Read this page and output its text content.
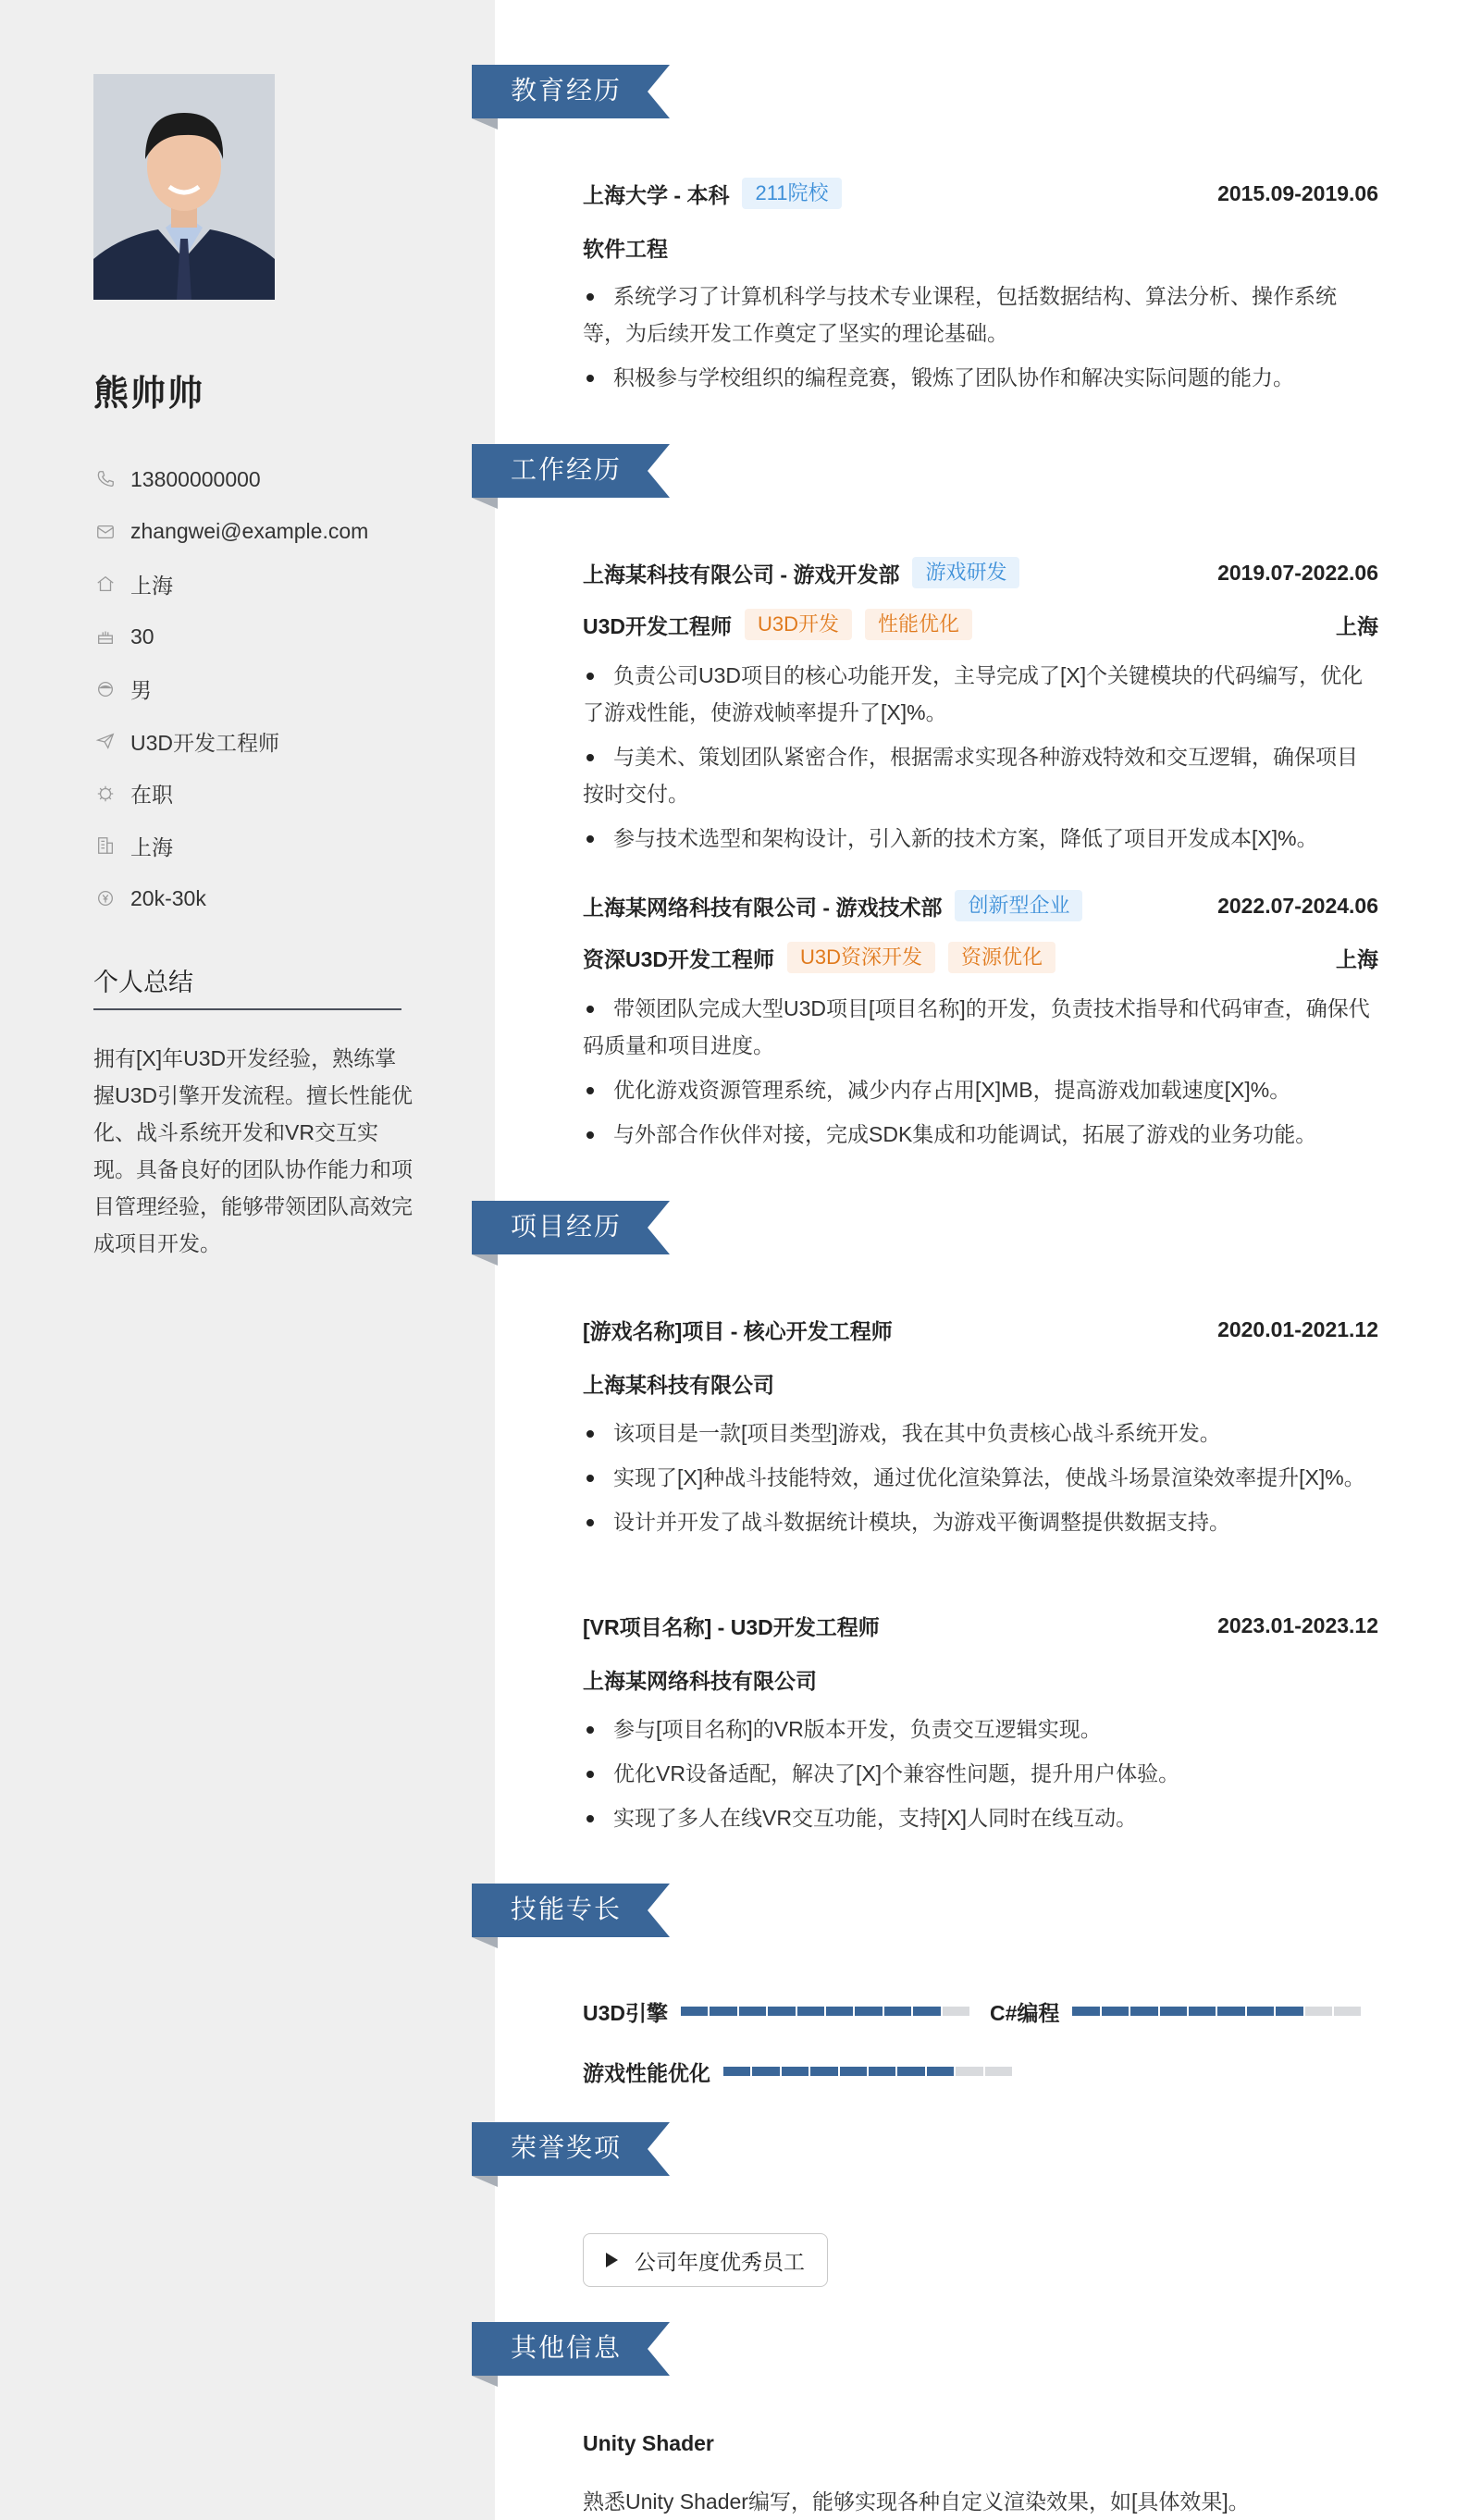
熊帅帅
13800000000
zhangwei@example.com
上海
30
男
U3D开发工程师
在职
上海
20k-30k
个人总结
拥有[X]年U3D开发经验，熟练掌握U3D引擎开发流程。擅长性能优化、战斗系统开发和VR交互实现。具备良好的团队协作能力和项目管理经验，能够带领团队高效完成项目开发。
教育经历
上海大学 - 本科	211院校	2015.09-2019.06
软件工程
系统学习了计算机科学与技术专业课程，包括数据结构、算法分析、操作系统等，为后续开发工作奠定了坚实的理论基础。
积极参与学校组织的编程竞赛，锻炼了团队协作和解决实际问题的能力。
工作经历
上海某科技有限公司 - 游戏开发部	游戏研发	2019.07-2022.06
U3D开发工程师	U3D开发	性能优化	上海
负责公司U3D项目的核心功能开发，主导完成了[X]个关键模块的代码编写，优化了游戏性能，使游戏帧率提升了[X]%。
与美术、策划团队紧密合作，根据需求实现各种游戏特效和交互逻辑，确保项目按时交付。
参与技术选型和架构设计，引入新的技术方案，降低了项目开发成本[X]%。
上海某网络科技有限公司 - 游戏技术部	创新型企业	2022.07-2024.06
资深U3D开发工程师	U3D资深开发	资源优化	上海
带领团队完成大型U3D项目[项目名称]的开发，负责技术指导和代码审查，确保代码质量和项目进度。
优化游戏资源管理系统，减少内存占用[X]MB，提高游戏加载速度[X]%。
与外部合作伙伴对接，完成SDK集成和功能调试，拓展了游戏的业务功能。
项目经历
[游戏名称]项目 - 核心开发工程师	2020.01-2021.12
上海某科技有限公司
该项目是一款[项目类型]游戏，我在其中负责核心战斗系统开发。
实现了[X]种战斗技能特效，通过优化渲染算法，使战斗场景渲染效率提升[X]%。
设计并开发了战斗数据统计模块，为游戏平衡调整提供数据支持。
[VR项目名称] - U3D开发工程师	2023.01-2023.12
上海某网络科技有限公司
参与[项目名称]的VR版本开发，负责交互逻辑实现。
优化VR设备适配，解决了[X]个兼容性问题，提升用户体验。
实现了多人在线VR交互功能，支持[X]人同时在线互动。
技能专长
U3D引擎	C#编程
游戏性能优化
荣誉奖项
公司年度优秀员工
其他信息
Unity Shader
熟悉Unity Shader编写，能够实现各种自定义渲染效果，如[具体效果]。
